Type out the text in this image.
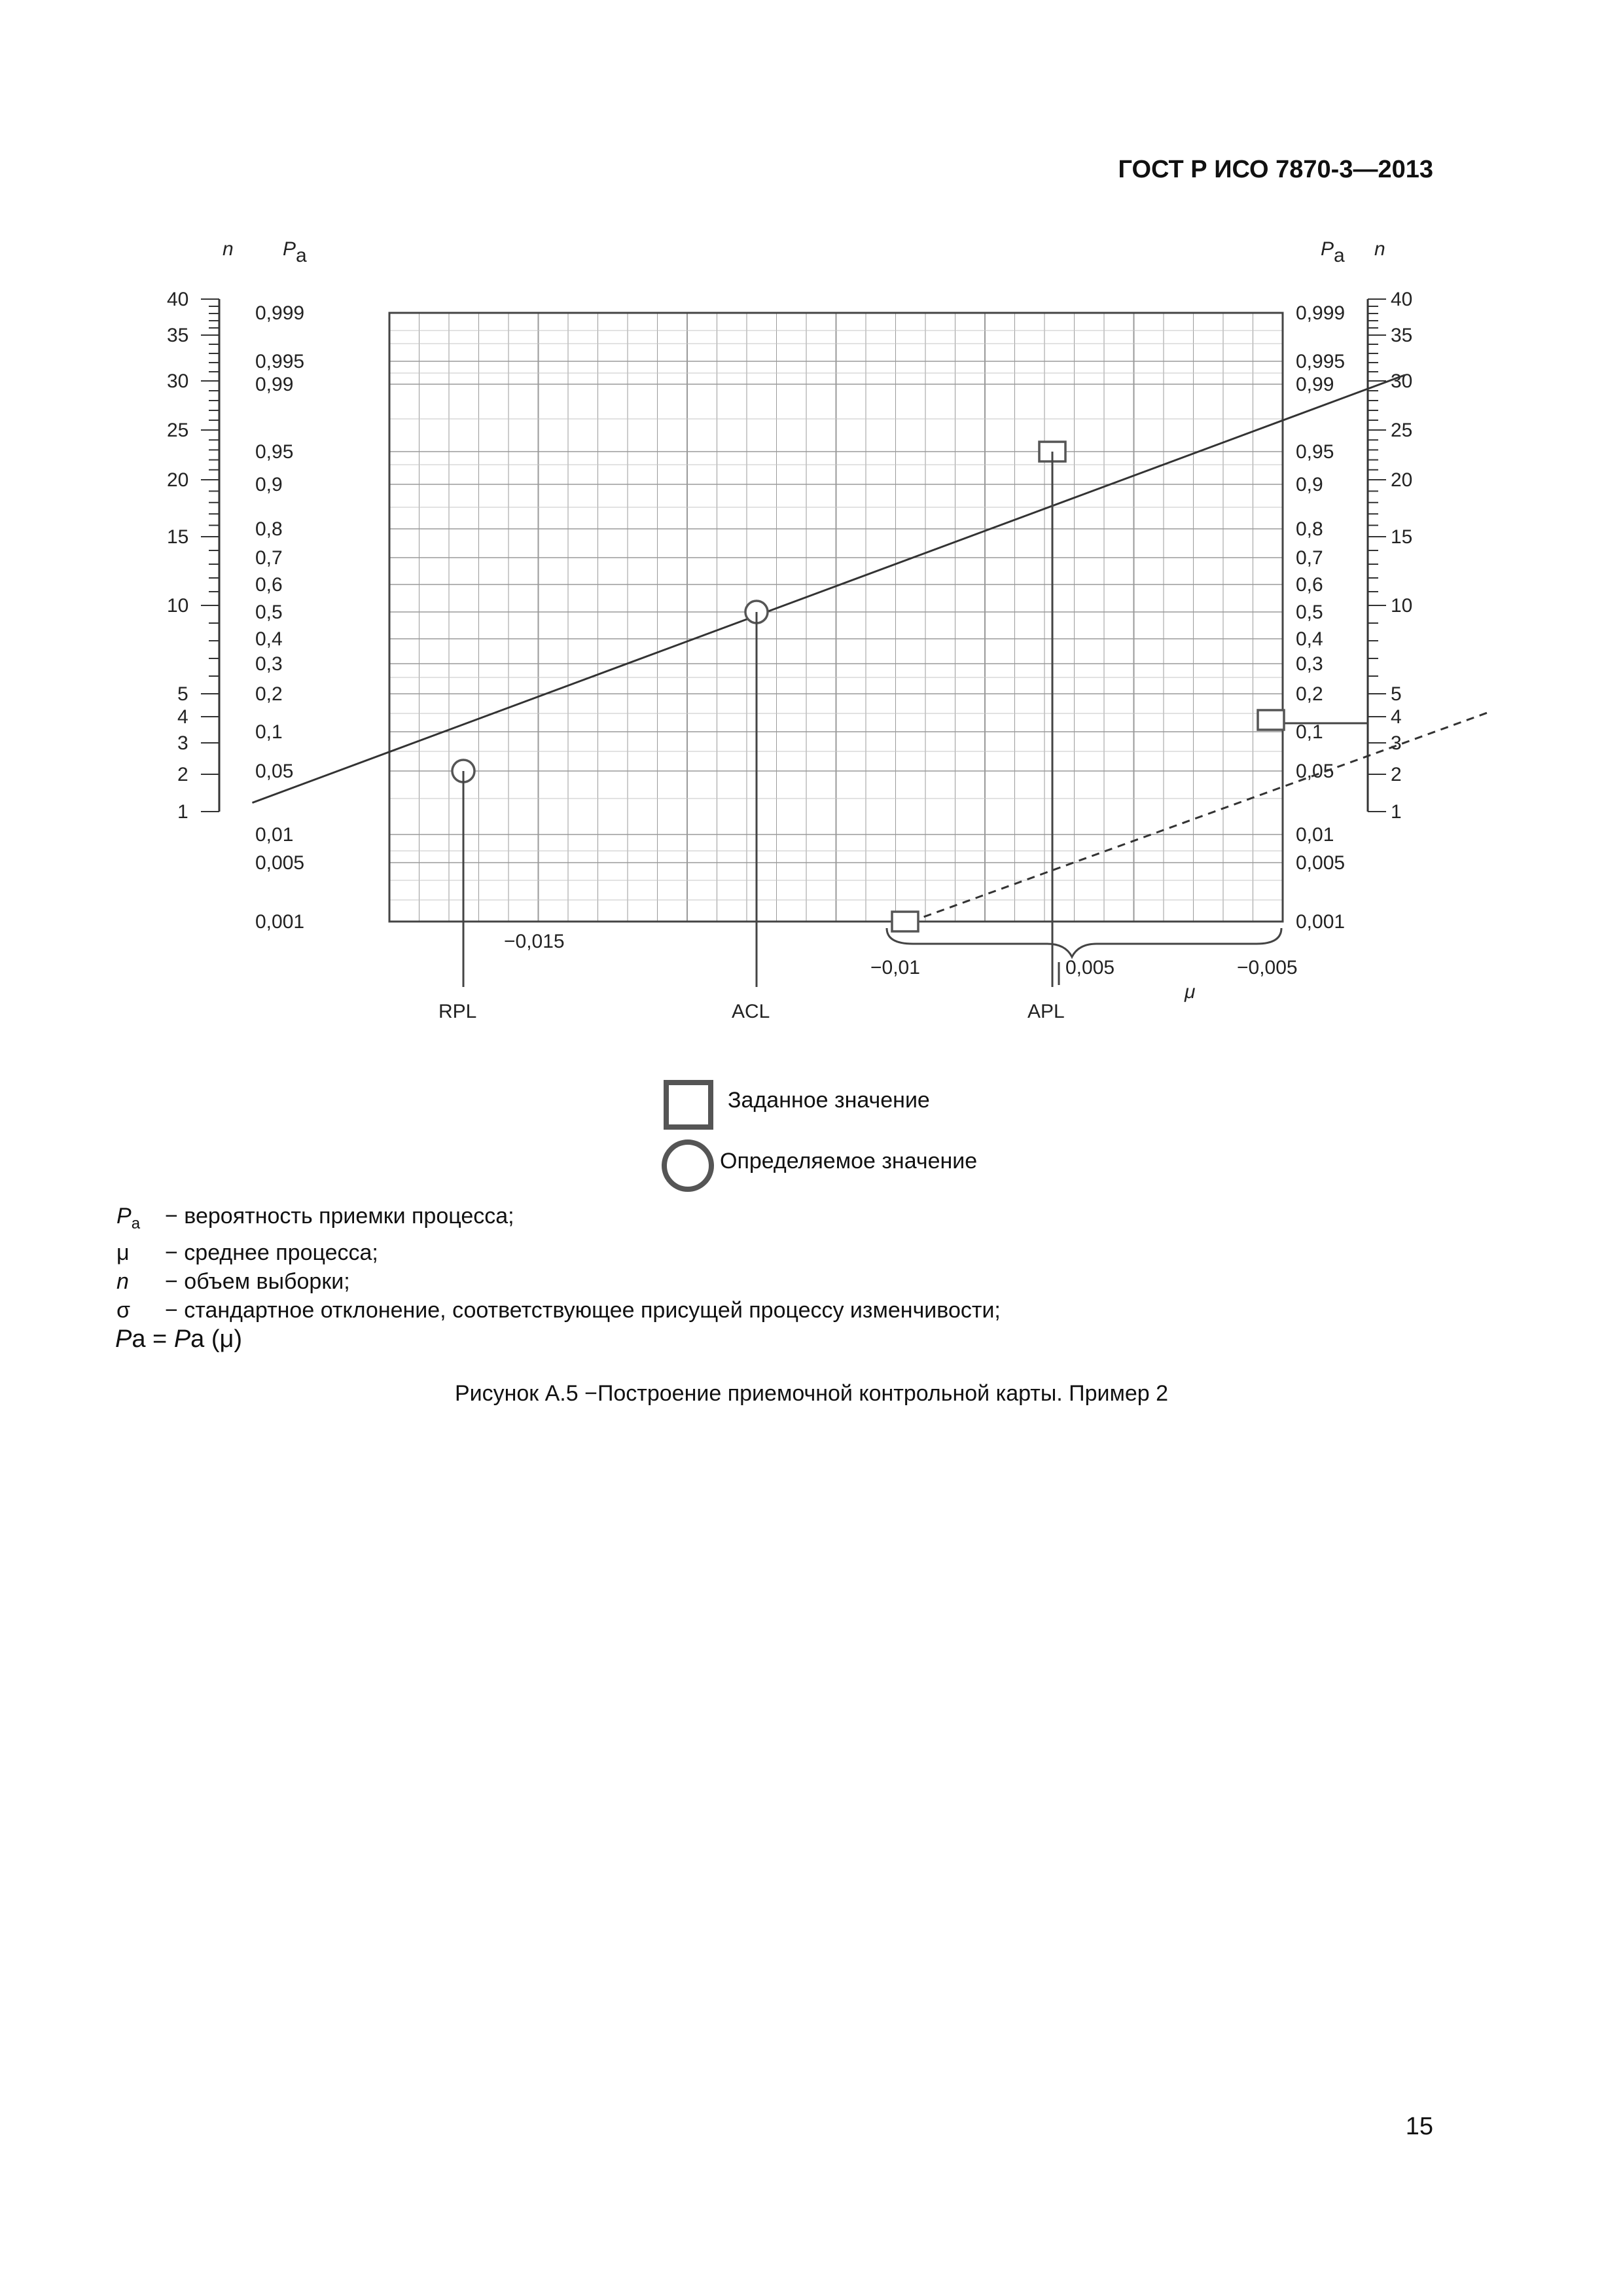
ГОСТ Р ИСО 7870-3—2013
0,999
0,995
0,99
0,95
0,9
0,8
0,7
0,6
0,5
0,4
0,3
0,2
0,1
0,05
0,01
0,005
0,001
40
35
30
25
20
15
10
5
4
3
2
1
0,999
0,995
0,99
0,95
0,9
0,8
0,7
0,6
0,5
0,4
0,3
0,2
0,1
0,05
0,01
0,005
0,001
40
35
30
25
20
15
10
5
4
3
2
1
RPL	ACL	APL
−0,015
−0,01	0,005	−0,005
n	P a	P a n
μ
Заданное значение
Определяемое значение
$P_a$ − вероятность приемки процесса;
μ − среднее процесса;
n − объем выборки;
σ − стандартное отклонение, соответствующее присущей процессу изменчивости;
Pa = Pa (μ)
Рисунок А.5 −Построение приемочной контрольной карты. Пример 2
15
